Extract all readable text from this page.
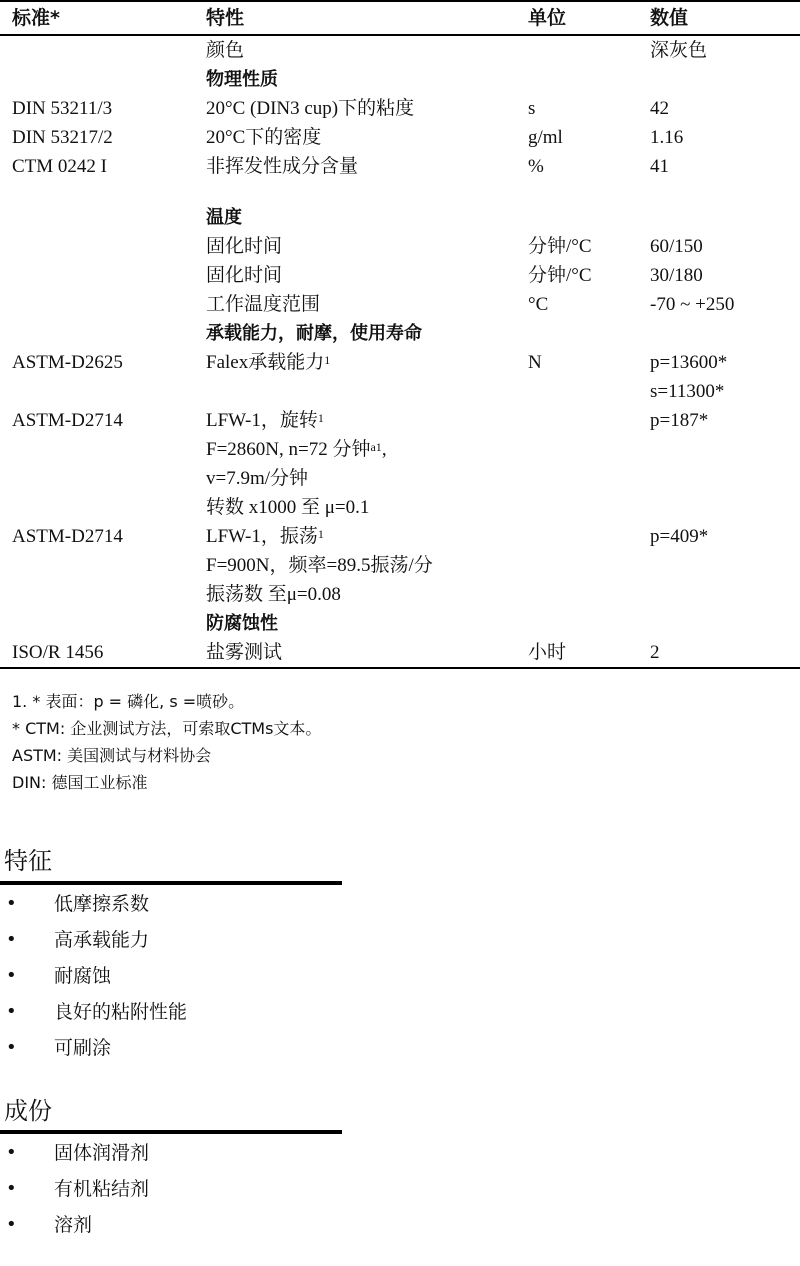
标准*	特性	单位	数值
	颜色		深灰色
	物理性质		
DIN 53211/3	20°C (DIN3 cup)下的粘度	s	42
DIN 53217/2	20°C下的密度	g/ml	1.16
CTM 0242 I	非挥发性成分含量	%	41

	温度		
	固化时间	分钟/°C	60/150
	固化时间	分钟/°C	30/180
	工作温度范围	°C	-70 ~ +250
	承载能力，耐摩，使用寿命		
ASTM-D2625	Falex承载能力$^1$	N	p=13600*
			s=11300*
ASTM-D2714	LFW-1，旋转$^1$		p=187*
	F=2860N, n=72 分钟$^{a1}$,		
	v=7.9m/分钟		
	转数 x1000 至 μ=0.1		
ASTM-D2714	LFW-1，振荡$^1$		p=409*
	F=900N，频率=89.5振荡/分		
	振荡数 至μ=0.08		
	防腐蚀性		
ISO/R 1456	盐雾测试	小时	2
1. * 表面：p = 磷化, s =喷砂。
* CTM: 企业测试方法，可索取CTMs文本。
ASTM: 美国测试与材料协会
DIN: 德国工业标准
特征
• 低摩擦系数
• 高承载能力
• 耐腐蚀
• 良好的粘附性能
• 可刷涂
成份
• 固体润滑剂
• 有机粘结剂
• 溶剂
